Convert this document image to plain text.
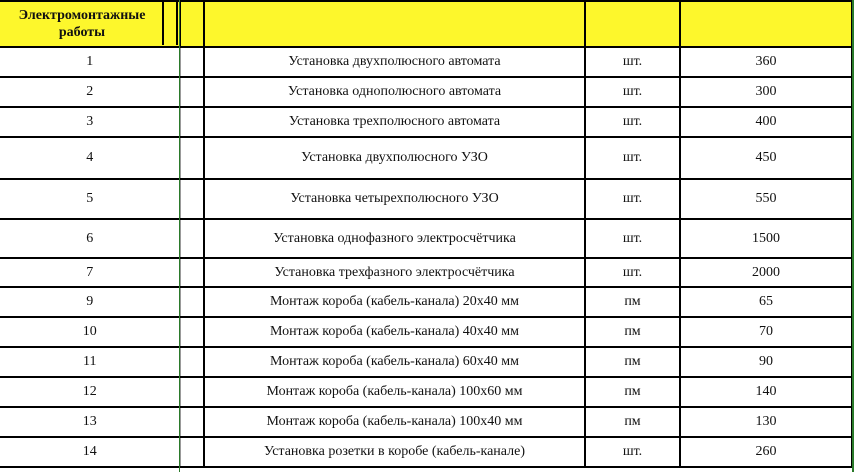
Электромонтажные работы				

1		Установка двухполюсного автомата	шт.	360
2		Установка однополюсного автомата	шт.	300
3		Установка трехполюсного автомата	шт.	400
4		Установка двухполюсного УЗО	шт.	450
5		Установка четырехполюсного УЗО	шт.	550
6		Установка однофазного электросчётчика	шт.	1500
7		Установка трехфазного электросчётчика	шт.	2000
9		Монтаж короба (кабель-канала) 20х40 мм	пм	65
10		Монтаж короба (кабель-канала) 40х40 мм	пм	70
11		Монтаж короба (кабель-канала) 60х40 мм	пм	90
12		Монтаж короба (кабель-канала) 100х60 мм	пм	140
13		Монтаж короба (кабель-канала) 100х40 мм	пм	130
14		Установка розетки в коробе (кабель-канале)	шт.	260
